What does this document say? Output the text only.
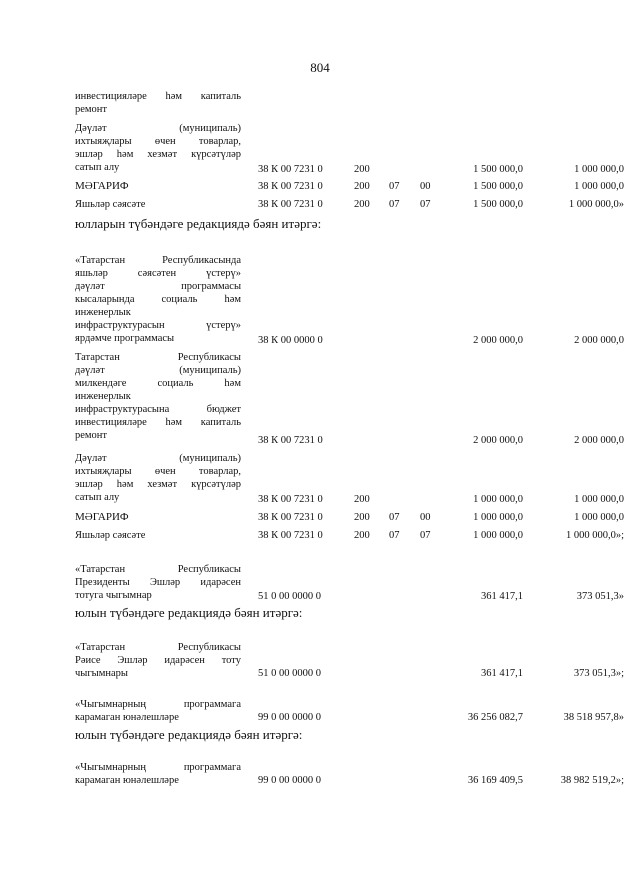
804
инвестицияләре һәм капиталь
ремонт
Дәүләт (муниципаль)
ихтыяҗлары өчен товарлар,
эшләр һәм хезмәт күрсәтүләр
сатып алу	38 К 00 7231 0	200	1 500 000,0	1 000 000,0
МӘГАРИФ	38 К 00 7231 0	200 07 00	1 500 000,0	1 000 000,0
Яшьләр сәясәте	38 К 00 7231 0	200 07 07	1 500 000,0	1 000 000,0»
юлларын түбәндәге редакциядә бәян итәргә:
«Татарстан Республикасында
яшьләр сәясәтен үстерү»
дәүләт программасы
кысаларында социаль һәм
инженерлык
инфраструктурасын үстерү»
ярдәмче программасы	38 К 00 0000 0	2 000 000,0	2 000 000,0
Татарстан Республикасы
дәүләт (муниципаль)
милкендәге социаль һәм
инженерлык
инфраструктурасына бюджет
инвестицияләре һәм капиталь
ремонт	38 К 00 7231 0	2 000 000,0	2 000 000,0
Дәүләт (муниципаль)
ихтыяҗлары өчен товарлар,
эшләр һәм хезмәт күрсәтүләр
сатып алу	38 К 00 7231 0	200	1 000 000,0	1 000 000,0
МӘГАРИФ	38 К 00 7231 0	200 07 00	1 000 000,0	1 000 000,0
Яшьләр сәясәте	38 К 00 7231 0	200 07 07	1 000 000,0	1 000 000,0»;
«Татарстан Республикасы
Президенты Эшләр идарәсен
тотуга чыгымнар	51 0 00 0000 0	361 417,1	373 051,3»
юлын түбәндәге редакциядә бәян итәргә:
«Татарстан Республикасы
Рәисе Эшләр идарәсен тоту
чыгымнары	51 0 00 0000 0	361 417,1	373 051,3»;
«Чыгымнарның программага
карамаган юнәлешләре	99 0 00 0000 0	36 256 082,7	38 518 957,8»
юлын түбәндәге редакциядә бәян итәргә:
«Чыгымнарның программага
карамаган юнәлешләре	99 0 00 0000 0	36 169 409,5	38 982 519,2»;
